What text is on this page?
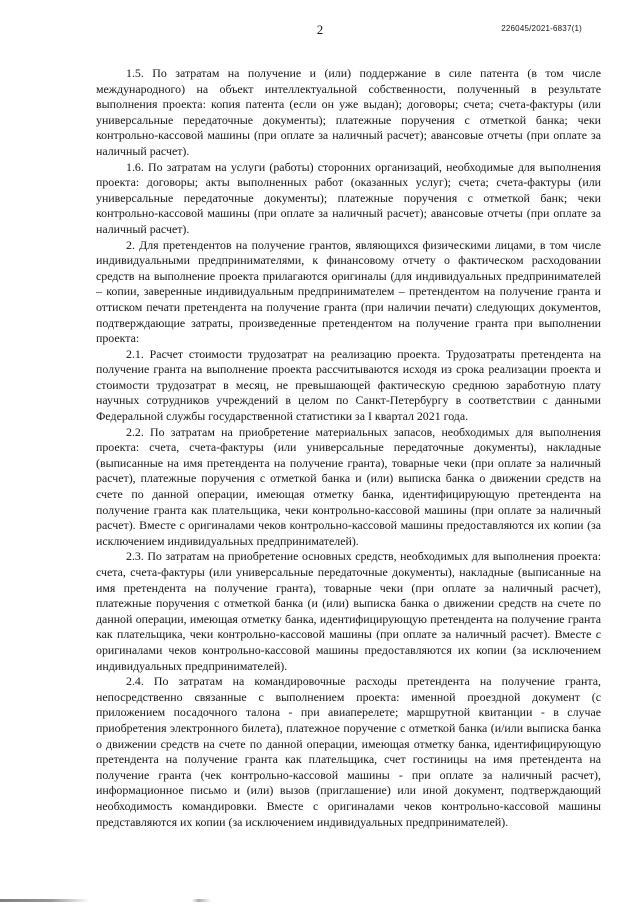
2	226045/2021-6837(1)

1.5. По затратам на получение и (или) поддержание в силе патента (в том числе международного) на объект интеллектуальной собственности, полученный в результате выполнения проекта: копия патента (если он уже выдан); договоры; счета; счета-фактуры (или универсальные передаточные документы); платежные поручения с отметкой банка; чеки контрольно-кассовой машины (при оплате за наличный расчет); авансовые отчеты (при оплате за наличный расчет).

1.6. По затратам на услуги (работы) сторонних организаций, необходимые для выполнения проекта: договоры; акты выполненных работ (оказанных услуг); счета; счета-фактуры (или универсальные передаточные документы); платежные поручения с отметкой банк; чеки контрольно-кассовой машины (при оплате за наличный расчет); авансовые отчеты (при оплате за наличный расчет).

2. Для претендентов на получение грантов, являющихся физическими лицами, в том числе индивидуальными предпринимателями, к финансовому отчету о фактическом расходовании средств на выполнение проекта прилагаются оригиналы (для индивидуальных предпринимателей – копии, заверенные индивидуальным предпринимателем – претендентом на получение гранта и оттиском печати претендента на получение гранта (при наличии печати) следующих документов, подтверждающие затраты, произведенные претендентом на получение гранта при выполнении проекта:

2.1. Расчет стоимости трудозатрат на реализацию проекта. Трудозатраты претендента на получение гранта на выполнение проекта рассчитываются исходя из срока реализации проекта и стоимости трудозатрат в месяц, не превышающей фактическую среднюю заработную плату научных сотрудников учреждений в целом по Санкт-Петербургу в соответствии с данными Федеральной службы государственной статистики за I квартал 2021 года.

2.2. По затратам на приобретение материальных запасов, необходимых для выполнения проекта: счета, счета-фактуры (или универсальные передаточные документы), накладные (выписанные на имя претендента на получение гранта), товарные чеки (при оплате за наличный расчет), платежные поручения с отметкой банка и (или) выписка банка о движении средств на счете по данной операции, имеющая отметку банка, идентифицирующую претендента на получение гранта как плательщика, чеки контрольно-кассовой машины (при оплате за наличный расчет). Вместе с оригиналами чеков контрольно-кассовой машины предоставляются их копии (за исключением индивидуальных предпринимателей).

2.3. По затратам на приобретение основных средств, необходимых для выполнения проекта: счета, счета-фактуры (или универсальные передаточные документы), накладные (выписанные на имя претендента на получение гранта), товарные чеки (при оплате за наличный расчет), платежные поручения с отметкой банка (и (или) выписка банка о движении средств на счете по данной операции, имеющая отметку банка, идентифицирующую претендента на получение гранта как плательщика, чеки контрольно-кассовой машины (при оплате за наличный расчет). Вместе с оригиналами чеков контрольно-кассовой машины предоставляются их копии (за исключением индивидуальных предпринимателей).

2.4. По затратам на командировочные расходы претендента на получение гранта, непосредственно связанные с выполнением проекта: именной проездной документ (с приложением посадочного талона - при авиаперелете; маршрутной квитанции - в случае приобретения электронного билета), платежное поручение с отметкой банка (и/или выписка банка о движении средств на счете по данной операции, имеющая отметку банка, идентифицирующую претендента на получение гранта как плательщика, счет гостиницы на имя претендента на получение гранта (чек контрольно-кассовой машины - при оплате за наличный расчет), информационное письмо и (или) вызов (приглашение) или иной документ, подтверждающий необходимость командировки. Вместе с оригиналами чеков контрольно-кассовой машины представляются их копии (за исключением индивидуальных предпринимателей).
